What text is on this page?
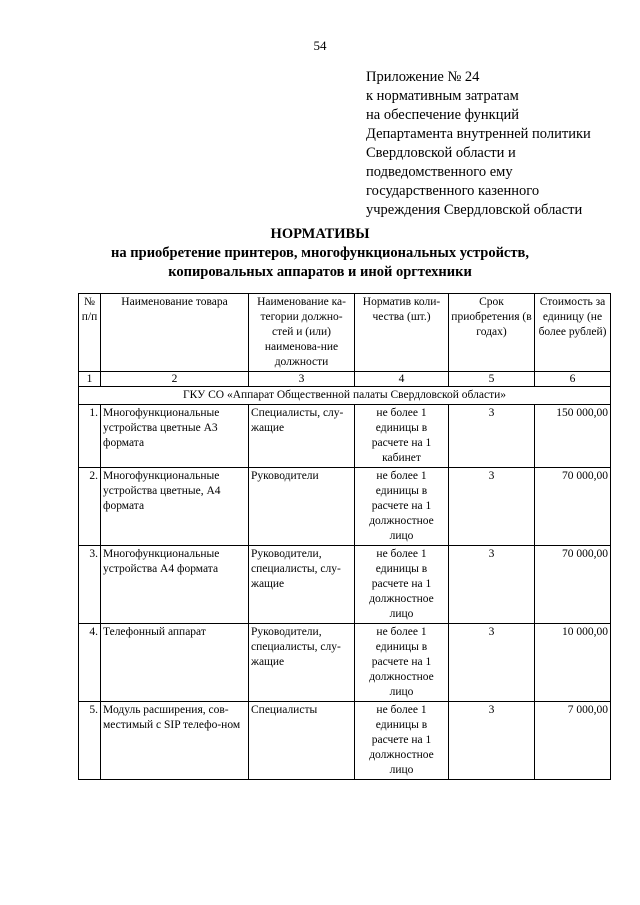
54
Приложение № 24
к нормативным затратам
на обеспечение функций
Департамента внутренней политики
Свердловской области и
подведомственного ему
государственного казенного
учреждения Свердловской области
НОРМАТИВЫ
на приобретение принтеров, многофункциональных устройств,
копировальных аппаратов и иной оргтехники
№ п/п	Наименование товара	Наименование ка-тегории должно-стей и (или) наименова-ние должности	Норматив коли-чества (шт.)	Срок приобретения (в годах)	Стоимость за единицу (не более рублей)
1	2	3	4	5	6
ГКУ СО «Аппарат Общественной палаты Свердловской области»					
1.	Многофункциональные устройства цветные А3 формата	Специалисты, слу-жащие	не более 1 единицы в расчете на 1 кабинет	3	150 000,00
2.	Многофункциональные устройства цветные, А4 формата	Руководители	не более 1 единицы в расчете на 1 должностное лицо	3	70 000,00
3.	Многофункциональные устройства А4 формата	Руководители, специалисты, слу-жащие	не более 1 единицы в расчете на 1 должностное лицо	3	70 000,00
4.	Телефонный аппарат	Руководители, специалисты, слу-жащие	не более 1 единицы в расчете на 1 должностное лицо	3	10 000,00
5.	Модуль расширения, сов-местимый с SIP телефо-ном	Специалисты	не более 1 единицы в расчете на 1 должностное лицо	3	7 000,00
